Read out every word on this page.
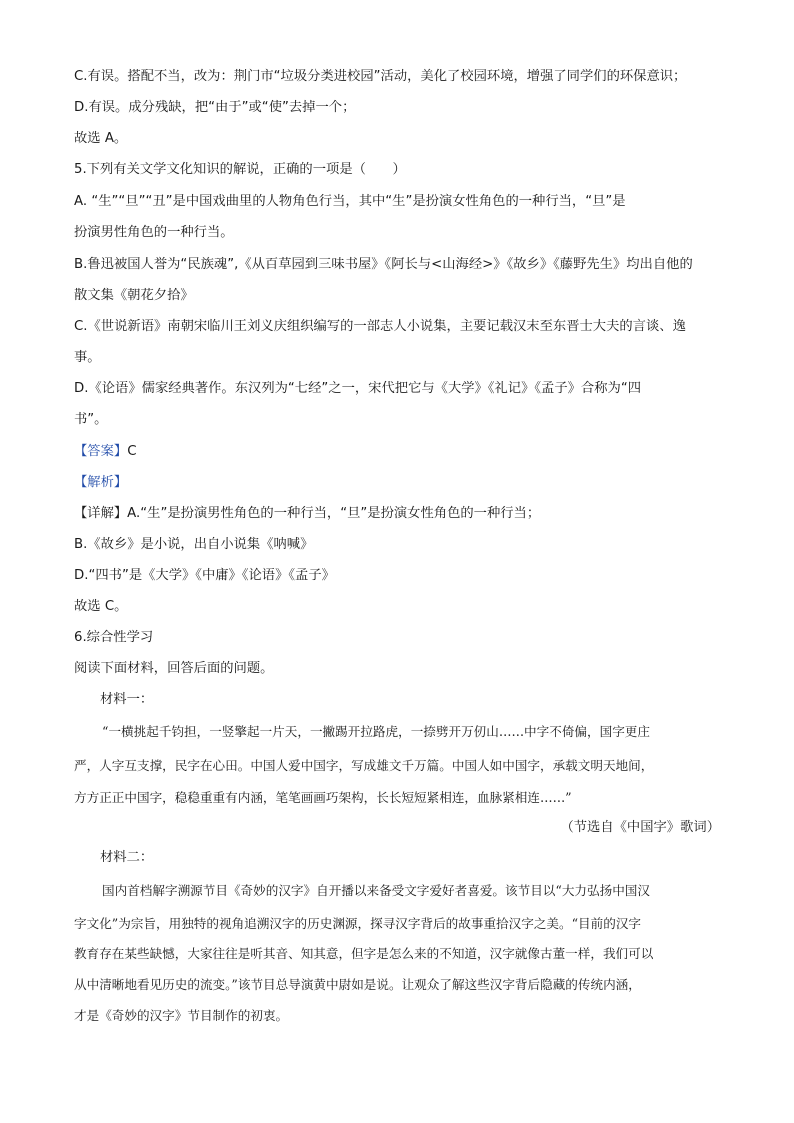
C.有误。搭配不当，改为：荆门市“垃圾分类进校园”活动，美化了校园环境，增强了同学们的环保意识；
D.有误。成分残缺，把“由于”或“使”去掉一个；
故选 A。
5.下列有关文学文化知识的解说，正确的一项是（　　）
A. “生”“旦”“丑”是中国戏曲里的人物角色行当，其中“生”是扮演女性角色的一种行当，“旦”是
扮演男性角色的一种行当。
B.鲁迅被国人誉为“民族魂”,《从百草园到三味书屋》《阿长与<山海经>》《故乡》《藤野先生》均出自他的
散文集《朝花夕拾》
C.《世说新语》南朝宋临川王刘义庆组织编写的一部志人小说集，主要记载汉末至东晋士大夫的言谈、逸
事。
D.《论语》儒家经典著作。东汉列为“七经”之一，宋代把它与《大学》《礼记》《孟子》合称为“四
书”。
【答案】C
【解析】
【详解】A.“生”是扮演男性角色的一种行当，“旦”是扮演女性角色的一种行当；
B.《故乡》是小说，出自小说集《呐喊》
D.“四书”是《大学》《中庸》《论语》《孟子》
故选 C。
6.综合性学习
阅读下面材料，回答后面的问题。
材料一：
“一横挑起千钧担，一竖擎起一片天，一撇踢开拉路虎，一捺劈开万仞山……中字不倚偏，国字更庄
严，人字互支撑，民字在心田。中国人爱中国字，写成雄文千万篇。中国人如中国字，承载文明天地间，
方方正正中国字，稳稳重重有内涵，笔笔画画巧架构，长长短短紧相连，血脉紧相连……”
（节选自《中国字》歌词）
材料二：
国内首档解字溯源节目《奇妙的汉字》自开播以来备受文字爱好者喜爱。该节目以“大力弘扬中国汉
字文化”为宗旨，用独特的视角追溯汉字的历史渊源，探寻汉字背后的故事重拾汉字之美。“目前的汉字
教育存在某些缺憾，大家往往是听其音、知其意，但字是怎么来的不知道，汉字就像古董一样，我们可以
从中清晰地看见历史的流变。”该节目总导演黄中尉如是说。让观众了解这些汉字背后隐藏的传统内涵，
才是《奇妙的汉字》节目制作的初衷。
